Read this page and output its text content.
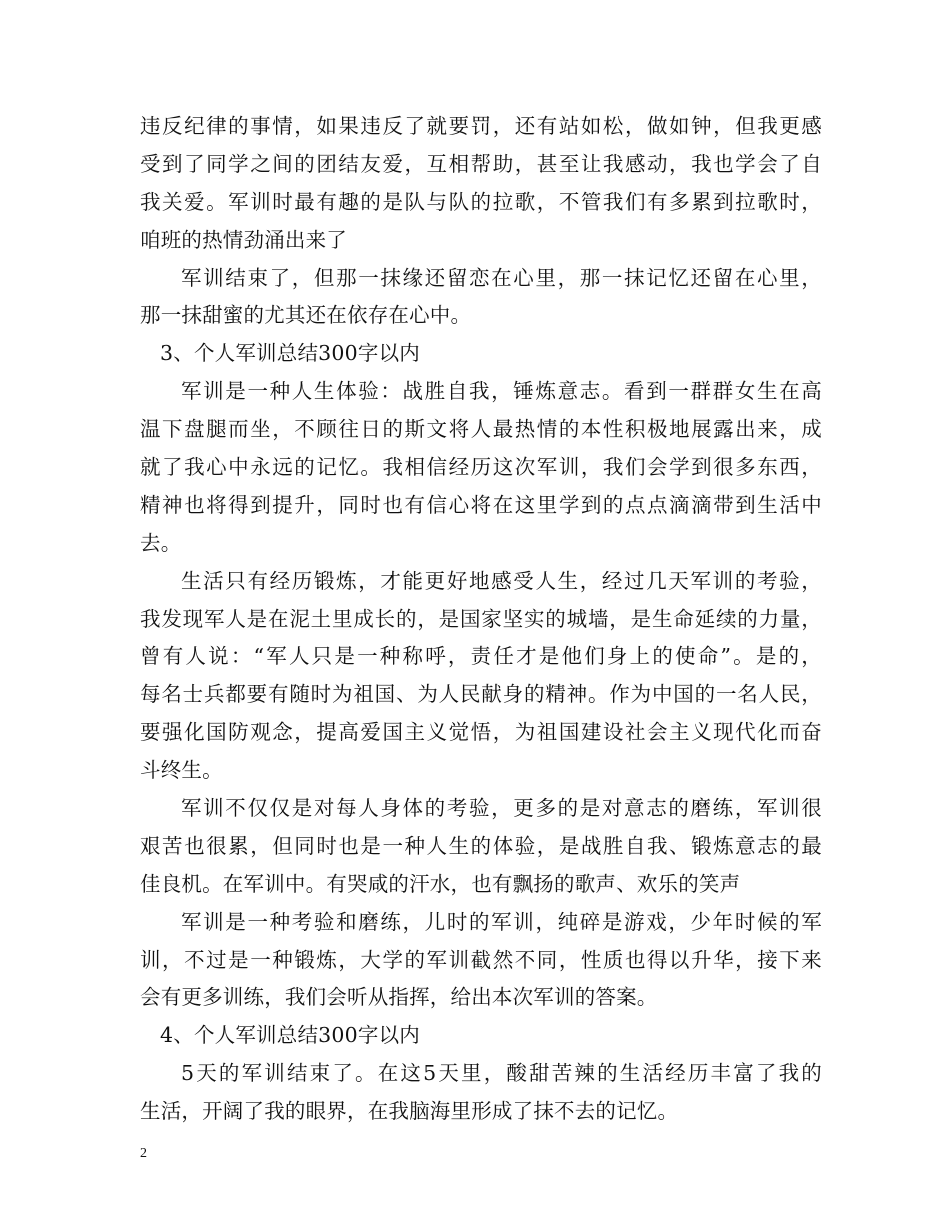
违反纪律的事情，如果违反了就要罚，还有站如松，做如钟，但我更感
受到了同学之间的团结友爱，互相帮助，甚至让我感动，我也学会了自
我关爱。军训时最有趣的是队与队的拉歌，不管我们有多累到拉歌时，
咱班的热情劲涌出来了
军训结束了，但那一抹缘还留恋在心里，那一抹记忆还留在心里，
那一抹甜蜜的尤其还在依存在心中。
3、个人军训总结300字以内
军训是一种人生体验：战胜自我，锤炼意志。看到一群群女生在高
温下盘腿而坐，不顾往日的斯文将人最热情的本性积极地展露出来，成
就了我心中永远的记忆。我相信经历这次军训，我们会学到很多东西，
精神也将得到提升，同时也有信心将在这里学到的点点滴滴带到生活中
去。
生活只有经历锻炼，才能更好地感受人生，经过几天军训的考验，
我发现军人是在泥土里成长的，是国家坚实的城墙，是生命延续的力量，
曾有人说：“军人只是一种称呼，责任才是他们身上的使命”。是的，
每名士兵都要有随时为祖国、为人民献身的精神。作为中国的一名人民，
要强化国防观念，提高爱国主义觉悟，为祖国建设社会主义现代化而奋
斗终生。
军训不仅仅是对每人身体的考验，更多的是对意志的磨练，军训很
艰苦也很累，但同时也是一种人生的体验，是战胜自我、锻炼意志的最
佳良机。在军训中。有哭咸的汗水，也有飘扬的歌声、欢乐的笑声
军训是一种考验和磨练，儿时的军训，纯碎是游戏，少年时候的军
训，不过是一种锻炼，大学的军训截然不同，性质也得以升华，接下来
会有更多训练，我们会听从指挥，给出本次军训的答案。
4、个人军训总结300字以内
5天的军训结束了。在这5天里，酸甜苦辣的生活经历丰富了我的
生活，开阔了我的眼界，在我脑海里形成了抹不去的记忆。
2
